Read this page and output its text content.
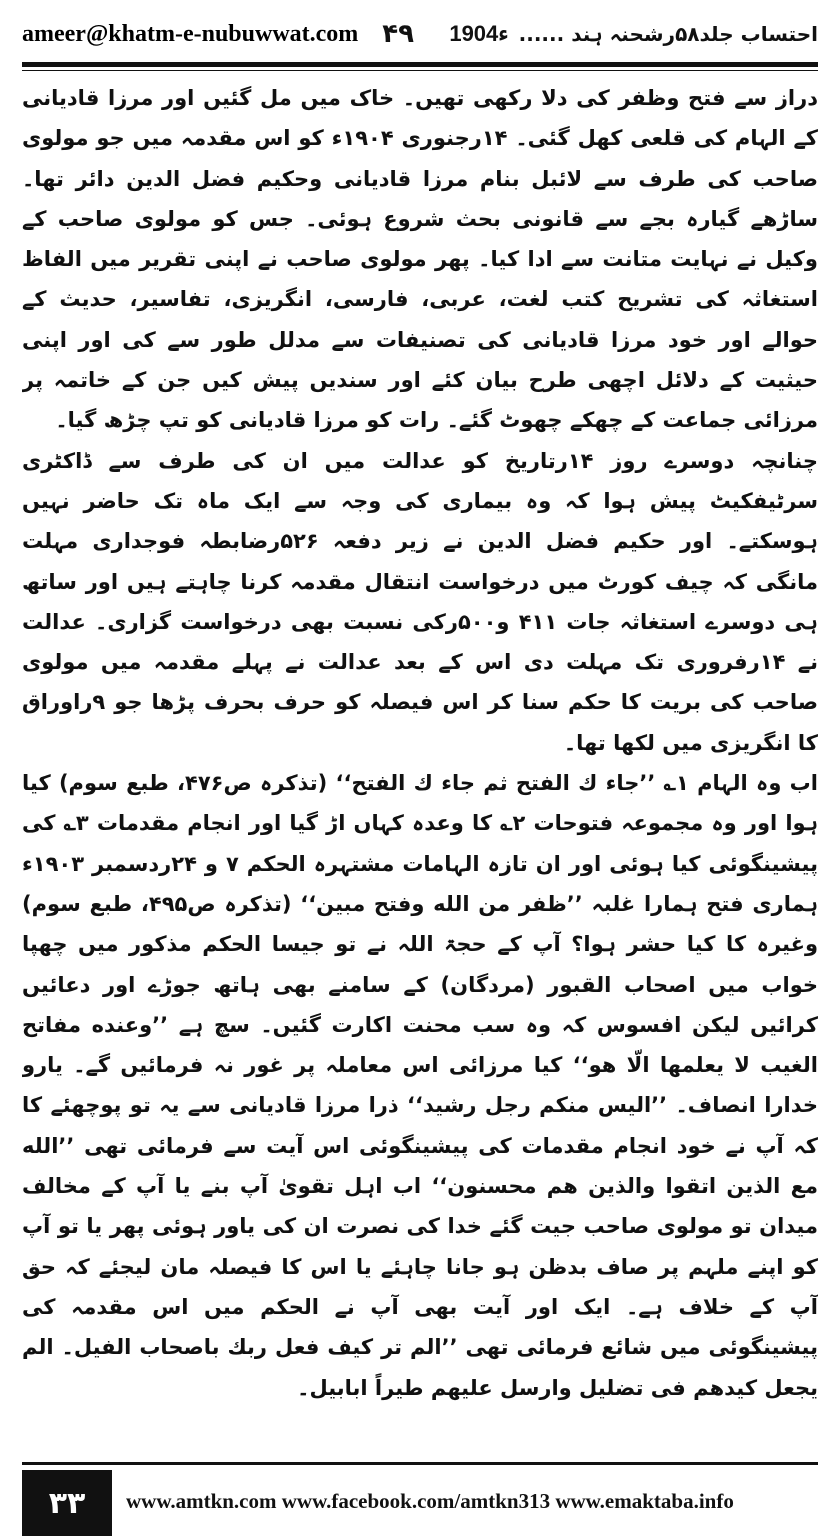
ameer@khatm-e-nubuwwat.com ۴۹	احتساب جلد۵۸رشحنہ ہند ......
1904ء

دراز سے فتح وظفر کی دلا رکھی تھیں۔ خاک میں مل گئیں اور مرزا قادیانی کے الہام کی قلعی کھل گئی۔ ۱۴رجنوری ۱۹۰۴ء کو اس مقدمہ میں جو مولوی صاحب کی طرف سے لائبل بنام مرزا قادیانی وحکیم فضل الدین دائر تھا۔ ساڑھے گیارہ بجے سے قانونی بحث شروع ہوئی۔ جس کو مولوی صاحب کے وکیل نے نہایت متانت سے ادا کیا۔ پھر مولوی صاحب نے اپنی تقریر میں الفاظ استغاثہ کی تشریح کتب لغت، عربی، فارسی، انگریزی، تفاسیر، حدیث کے حوالے اور خود مرزا قادیانی کی تصنیفات سے مدلل طور سے کی اور اپنی حیثیت کے دلائل اچھی طرح بیان کئے اور سندیں پیش کیں جن کے خاتمہ پر مرزائی جماعت کے چھکے چھوٹ گئے۔ رات کو مرزا قادیانی کو تپ چڑھ گیا۔

چنانچہ دوسرے روز ۱۴رتاریخ کو عدالت میں ان کی طرف سے ڈاکٹری سرٹیفکیٹ پیش ہوا کہ وہ بیماری کی وجہ سے ایک ماہ تک حاضر نہیں ہوسکتے۔ اور حکیم فضل الدین نے زیر دفعہ ۵۲۶رضابطہ فوجداری مہلت مانگی کہ چیف کورٹ میں درخواست انتقال مقدمہ کرنا چاہتے ہیں اور ساتھ ہی دوسرے استغاثہ جات ۴۱۱ و۵۰۰رکی نسبت بھی درخواست گزاری۔ عدالت نے ۱۴رفروری تک مہلت دی اس کے بعد عدالت نے پہلے مقدمہ میں مولوی صاحب کی بریت کا حکم سنا کر اس فیصلہ کو حرف بحرف پڑھا جو ۹راوراق کا انگریزی میں لکھا تھا۔

اب وہ الہام ۱؎ ’’جاء ك الفتح ثم جاء ك الفتح‘‘ (تذکرہ ص۴۷۶، طبع سوم) کیا ہوا اور وہ مجموعہ فتوحات ۲؎ کا وعدہ کہاں اڑ گیا اور انجام مقدمات ۳؎ کی پیشینگوئی کیا ہوئی اور ان تازہ الہامات مشتہرہ الحکم ۷ و ۲۴ردسمبر ۱۹۰۳ء ہماری فتح ہمارا غلبہ ’’ظفر من الله وفتح مبین‘‘ (تذکرہ ص۴۹۵، طبع سوم) وغیرہ کا کیا حشر ہوا؟ آپ کے حجۃ اللہ نے تو جیسا الحکم مذکور میں چھپا خواب میں اصحاب القبور (مردگان) کے سامنے بھی ہاتھ جوڑے اور دعائیں کرائیں لیکن افسوس کہ وہ سب محنت اکارت گئیں۔ سچ ہے ’’وعنده مفاتح الغيب لا يعلمها الّا هو‘‘ کیا مرزائی اس معاملہ پر غور نہ فرمائیں گے۔ یارو خدارا انصاف۔ ’’اليس منكم رجل رشيد‘‘ ذرا مرزا قادیانی سے یہ تو پوچھئے کا کہ آپ نے خود انجام مقدمات کی پیشینگوئی اس آیت سے فرمائی تھی ’’الله مع الذين اتقوا والذين هم محسنون‘‘ اب اہل تقویٰ آپ بنے یا آپ کے مخالف میدان تو مولوی صاحب جیت گئے خدا کی نصرت ان کی یاور ہوئی پھر یا تو آپ کو اپنے ملہم پر صاف بدظن ہو جانا چاہئے یا اس کا فیصلہ مان لیجئے کہ حق آپ کے خلاف ہے۔ ایک اور آیت بھی آپ نے الحکم میں اس مقدمہ کی پیشینگوئی میں شائع فرمائی تھی ’’الم تر كيف فعل ربك باصحاب الفيل۔ الم يجعل كيدهم فی تضليل وارسل عليهم طيراً ابابيل۔

۳۳	www.amtkn.com www.facebook.com/amtkn313 www.emaktaba.info
